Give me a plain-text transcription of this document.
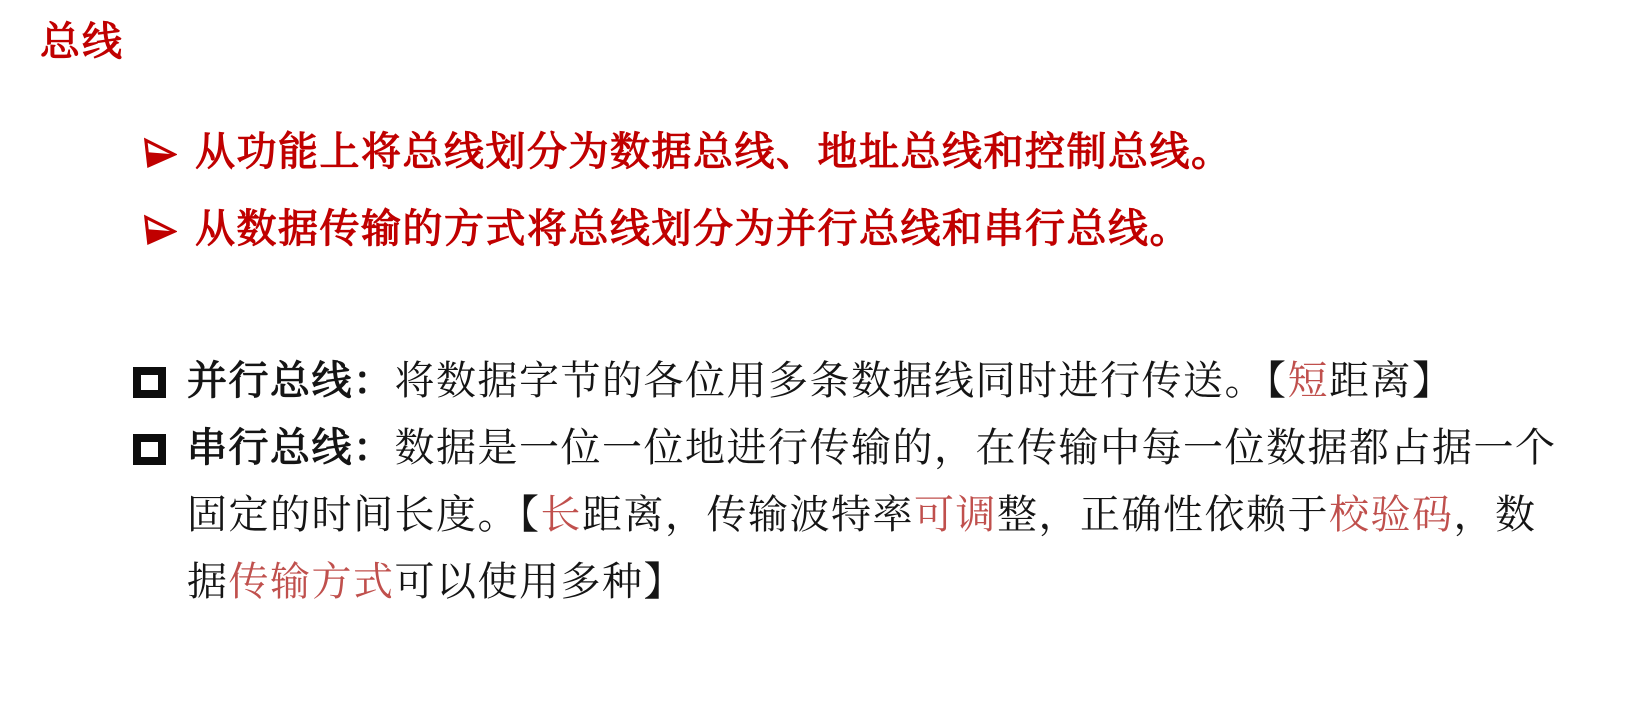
总线
从功能上将总线划分为数据总线、地址总线和控制总线。
从数据传输的方式将总线划分为并行总线和串行总线。
并行总线：将数据字节的各位用多条数据线同时进行传送。【短距离】
串行总线：数据是一位一位地进行传输的，在传输中每一位数据都占据一个固定的时间长度。【长距离，传输波特率可调整，正确性依赖于校验码，数据传输方式可以使用多种】
